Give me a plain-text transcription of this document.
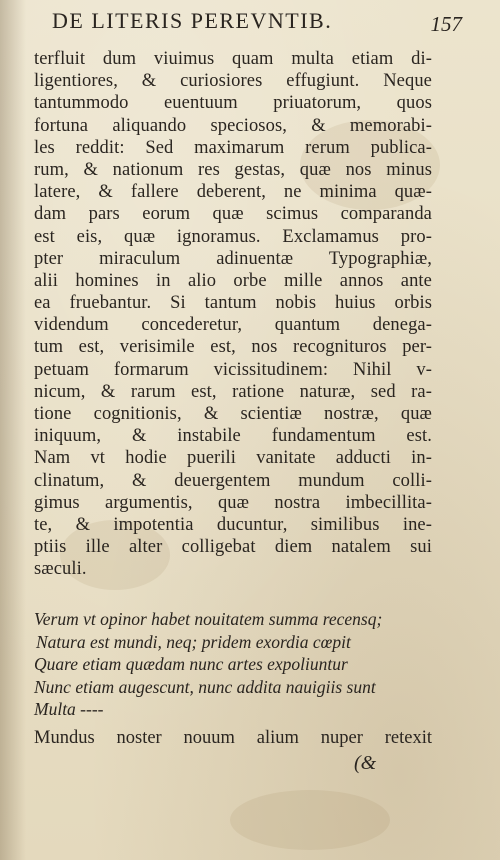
DE LITERIS PEREVNTIB.	157
terfluit dum viuimus quam multa etiam di-
ligentiores, & curiosiores effugiunt. Neque
tantummodo euentuum priuatorum, quos
fortuna aliquando speciosos, & memorabi-
les reddit: Sed maximarum rerum publica-
rum, & nationum res gestas, quæ nos minus
latere, & fallere deberent, ne minima quæ-
dam pars eorum quæ scimus comparanda
est eis, quæ ignoramus. Exclamamus pro-
pter miraculum adinuentæ Typographiæ,
alii homines in alio orbe mille annos ante
ea fruebantur. Si tantum nobis huius orbis
videndum concederetur, quantum denega-
tum est, verisimile est, nos recognituros per-
petuam formarum vicissitudinem: Nihil v-
nicum, & rarum est, ratione naturæ, sed ra-
tione cognitionis, & scientiæ nostræ, quæ
iniquum, & instabile fundamentum est.
Nam vt hodie puerili vanitate adducti in-
clinatum, & deuergentem mundum colli-
gimus argumentis, quæ nostra imbecillita-
te, & impotentia ducuntur, similibus ine-
ptiis ille alter colligebat diem natalem sui
sæculi.
Verum vt opinor habet nouitatem summa recensq;
Natura est mundi, neq; pridem exordia cœpit
Quare etiam quædam nunc artes expoliuntur
Nunc etiam augescunt, nunc addita nauigiis sunt
Multa ----
Mundus noster nouum alium nuper retexit
(&
